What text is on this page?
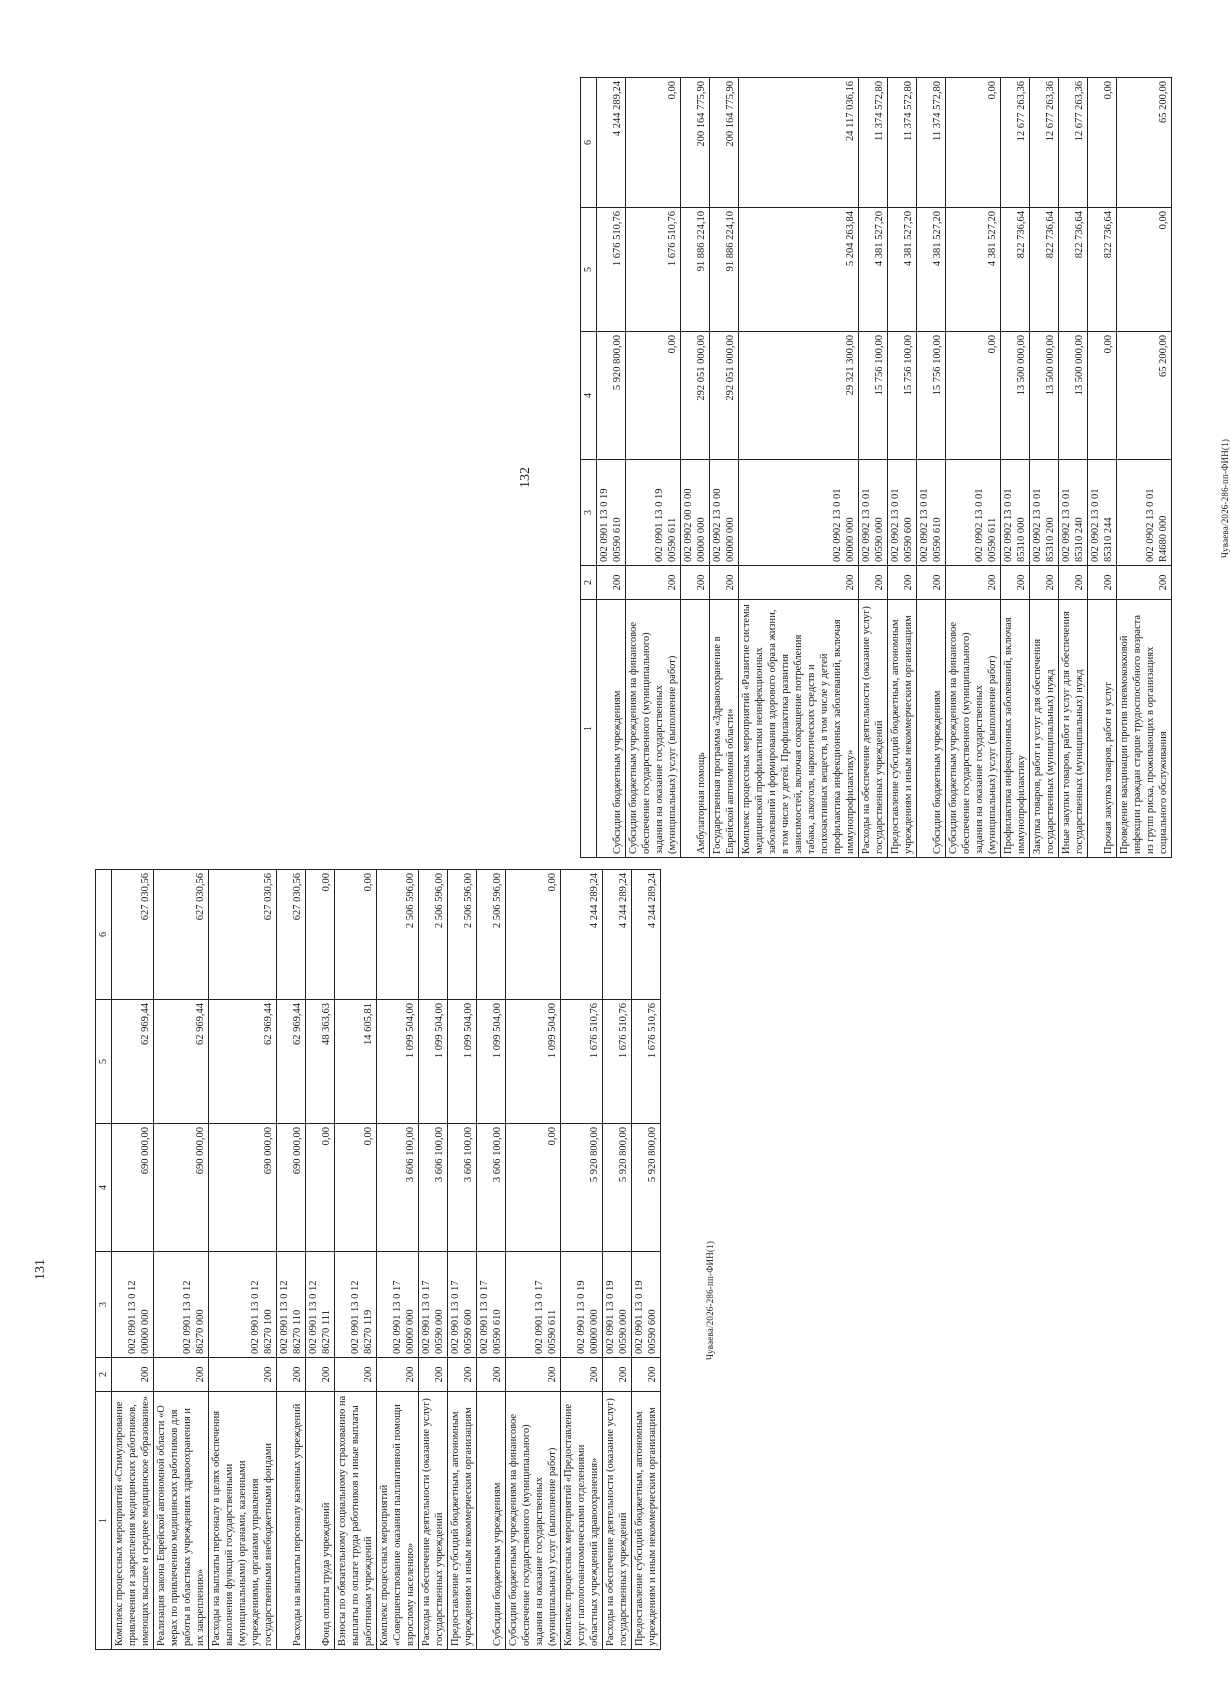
131
1	2	3	4	5	6
Комплекс процессных мероприятий «Стимулирование привлечения и закрепления медицинских работников, имеющих высшее и среднее медицинское образование»	200	002 0901 13 0 12 00000 000	690 000,00	62 969,44	627 030,56
Реализация закона Еврейской автономной области «О мерах по привлечению медицинских работников для работы в областных учреждениях здравоохранения и их закреплению»	200	002 0901 13 0 12 86270 000	690 000,00	62 969,44	627 030,56
Расходы на выплаты персоналу в целях обеспечения выполнения функций государственными (муниципальными) органами, казенными учреждениями, органами управления государственными внебюджетными фондами	200	002 0901 13 0 12 86270 100	690 000,00	62 969,44	627 030,56
Расходы на выплаты персоналу казенных учреждений	200	002 0901 13 0 12 86270 110	690 000,00	62 969,44	627 030,56
Фонд оплаты труда учреждений	200	002 0901 13 0 12 86270 111	0,00	48 363,63	0,00
Взносы по обязательному социальному страхованию на выплаты по оплате труда работников и иные выплаты работникам учреждений	200	002 0901 13 0 12 86270 119	0,00	14 605,81	0,00
Комплекс процессных мероприятий «Совершенствование оказания паллиативной помощи взрослому населению»	200	002 0901 13 0 17 00000 000	3 606 100,00	1 099 504,00	2 506 596,00
Расходы на обеспечение деятельности (оказание услуг) государственных учреждений	200	002 0901 13 0 17 00590 000	3 606 100,00	1 099 504,00	2 506 596,00
Предоставление субсидий бюджетным, автономным учреждениям и иным некоммерческим организациям	200	002 0901 13 0 17 00590 600	3 606 100,00	1 099 504,00	2 506 596,00
Субсидии бюджетным учреждениям	200	002 0901 13 0 17 00590 610	3 606 100,00	1 099 504,00	2 506 596,00
Субсидии бюджетным учреждениям на финансовое обеспечение государственного (муниципального) задания на оказание государственных (муниципальных) услуг (выполнение работ)	200	002 0901 13 0 17 00590 611	0,00	1 099 504,00	0,00
Комплекс процессных мероприятий «Предоставление услуг патологоанатомическими отделениями областных учреждений здравоохранения»	200	002 0901 13 0 19 00000 000	5 920 800,00	1 676 510,76	4 244 289,24
Расходы на обеспечение деятельности (оказание услуг) государственных учреждений	200	002 0901 13 0 19 00590 000	5 920 800,00	1 676 510,76	4 244 289,24
Предоставление субсидий бюджетным, автономным учреждениям и иным некоммерческим организациям	200	002 0901 13 0 19 00590 600	5 920 800,00	1 676 510,76	4 244 289,24
Чуваева/2026-286-пп-ФИН(1)
132
1	2	3	4	5	6
Субсидии бюджетным учреждениям	200	002 0901 13 0 19 00590 610	5 920 800,00	1 676 510,76	4 244 289,24
Субсидии бюджетным учреждениям на финансовое обеспечение государственного (муниципального) задания на оказание государственных (муниципальных) услуг (выполнение работ)	200	002 0901 13 0 19 00590 611	0,00	1 676 510,76	0,00
Амбулаторная помощь	200	002 0902 00 0 00 00000 000	292 051 000,00	91 886 224,10	200 164 775,90
Государственная программа «Здравоохранение в Еврейской автономной области»	200	002 0902 13 0 00 00000 000	292 051 000,00	91 886 224,10	200 164 775,90
Комплекс процессных мероприятий «Развитие системы медицинской профилактики неинфекционных заболеваний и формирования здорового образа жизни, в том числе у детей. Профилактика развития зависимостей, включая сокращение потребления табака, алкоголя, наркотических средств и психоактивных веществ, в том числе у детей профилактика инфекционных заболеваний, включая иммунопрофилактику»	200	002 0902 13 0 01 00000 000	29 321 300,00	5 204 263,84	24 117 036,16
Расходы на обеспечение деятельности (оказание услуг) государственных учреждений	200	002 0902 13 0 01 00590 000	15 756 100,00	4 381 527,20	11 374 572,80
Предоставление субсидий бюджетным, автономным учреждениям и иным некоммерческим организациям	200	002 0902 13 0 01 00590 600	15 756 100,00	4 381 527,20	11 374 572,80
Субсидии бюджетным учреждениям	200	002 0902 13 0 01 00590 610	15 756 100,00	4 381 527,20	11 374 572,80
Субсидии бюджетным учреждениям на финансовое обеспечение государственного (муниципального) задания на оказание государственных (муниципальных) услуг (выполнение работ)	200	002 0902 13 0 01 00590 611	0,00	4 381 527,20	0,00
Профилактика инфекционных заболеваний, включая иммунопрофилактику	200	002 0902 13 0 01 85310 000	13 500 000,00	822 736,64	12 677 263,36
Закупка товаров, работ и услуг для обеспечения государственных (муниципальных) нужд	200	002 0902 13 0 01 85310 200	13 500 000,00	822 736,64	12 677 263,36
Иные закупки товаров, работ и услуг для обеспечения государственных (муниципальных) нужд	200	002 0902 13 0 01 85310 240	13 500 000,00	822 736,64	12 677 263,36
Прочая закупка товаров, работ и услуг	200	002 0902 13 0 01 85310 244	0,00	822 736,64	0,00
Проведение вакцинации против пневмококковой инфекции граждан старше трудоспособного возраста из групп риска, проживающих в организациях социального обслуживания	200	002 0902 13 0 01 R4680 000	65 200,00	0,00	65 200,00
Чуваева/2026-286-пп-ФИН(1)
